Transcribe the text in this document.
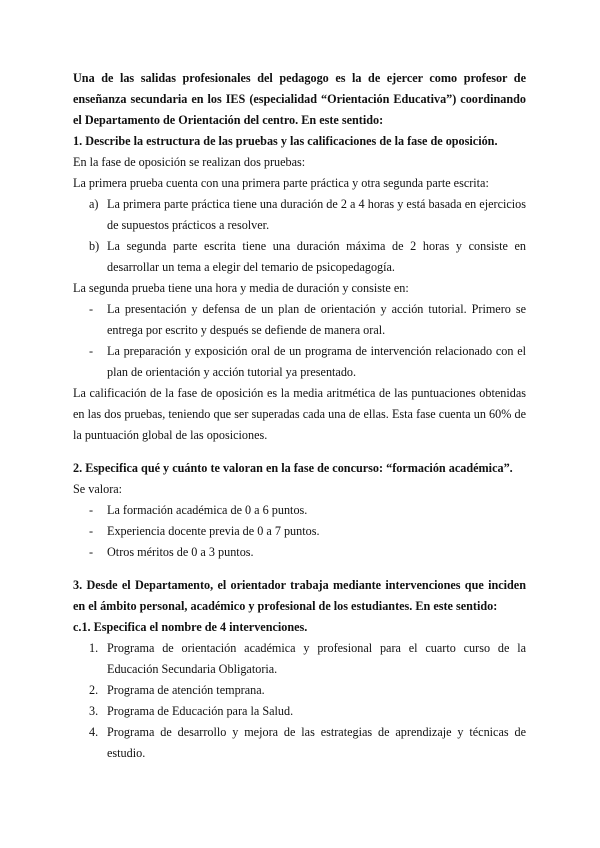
Una de las salidas profesionales del pedagogo es la de ejercer como profesor de enseñanza secundaria en los IES (especialidad “Orientación Educativa”) coordinando el Departamento de Orientación del centro. En este sentido:

1. Describe la estructura de las pruebas y las calificaciones de la fase de oposición.

En la fase de oposición se realizan dos pruebas:

La primera prueba cuenta con una primera parte práctica y otra segunda parte escrita:

a) La primera parte práctica tiene una duración de 2 a 4 horas y está basada en ejercicios de supuestos prácticos a resolver.
b) La segunda parte escrita tiene una duración máxima de 2 horas y consiste en desarrollar un tema a elegir del temario de psicopedagogía.

La segunda prueba tiene una hora y media de duración y consiste en:

- La presentación y defensa de un plan de orientación y acción tutorial. Primero se entrega por escrito y después se defiende de manera oral.
- La preparación y exposición oral de un programa de intervención relacionado con el plan de orientación y acción tutorial ya presentado.

La calificación de la fase de oposición es la media aritmética de las puntuaciones obtenidas en las dos pruebas, teniendo que ser superadas cada una de ellas. Esta fase cuenta un 60% de la puntuación global de las oposiciones.

2. Especifica qué y cuánto te valoran en la fase de concurso: “formación académica”.

Se valora:

- La formación académica de 0 a 6 puntos.
- Experiencia docente previa de 0 a 7 puntos.
- Otros méritos de 0 a 3 puntos.

3. Desde el Departamento, el orientador trabaja mediante intervenciones que inciden en el ámbito personal, académico y profesional de los estudiantes. En este sentido:

c.1. Especifica el nombre de 4 intervenciones.

1. Programa de orientación académica y profesional para el cuarto curso de la Educación Secundaria Obligatoria.
2. Programa de atención temprana.
3. Programa de Educación para la Salud.
4. Programa de desarrollo y mejora de las estrategias de aprendizaje y técnicas de estudio.
